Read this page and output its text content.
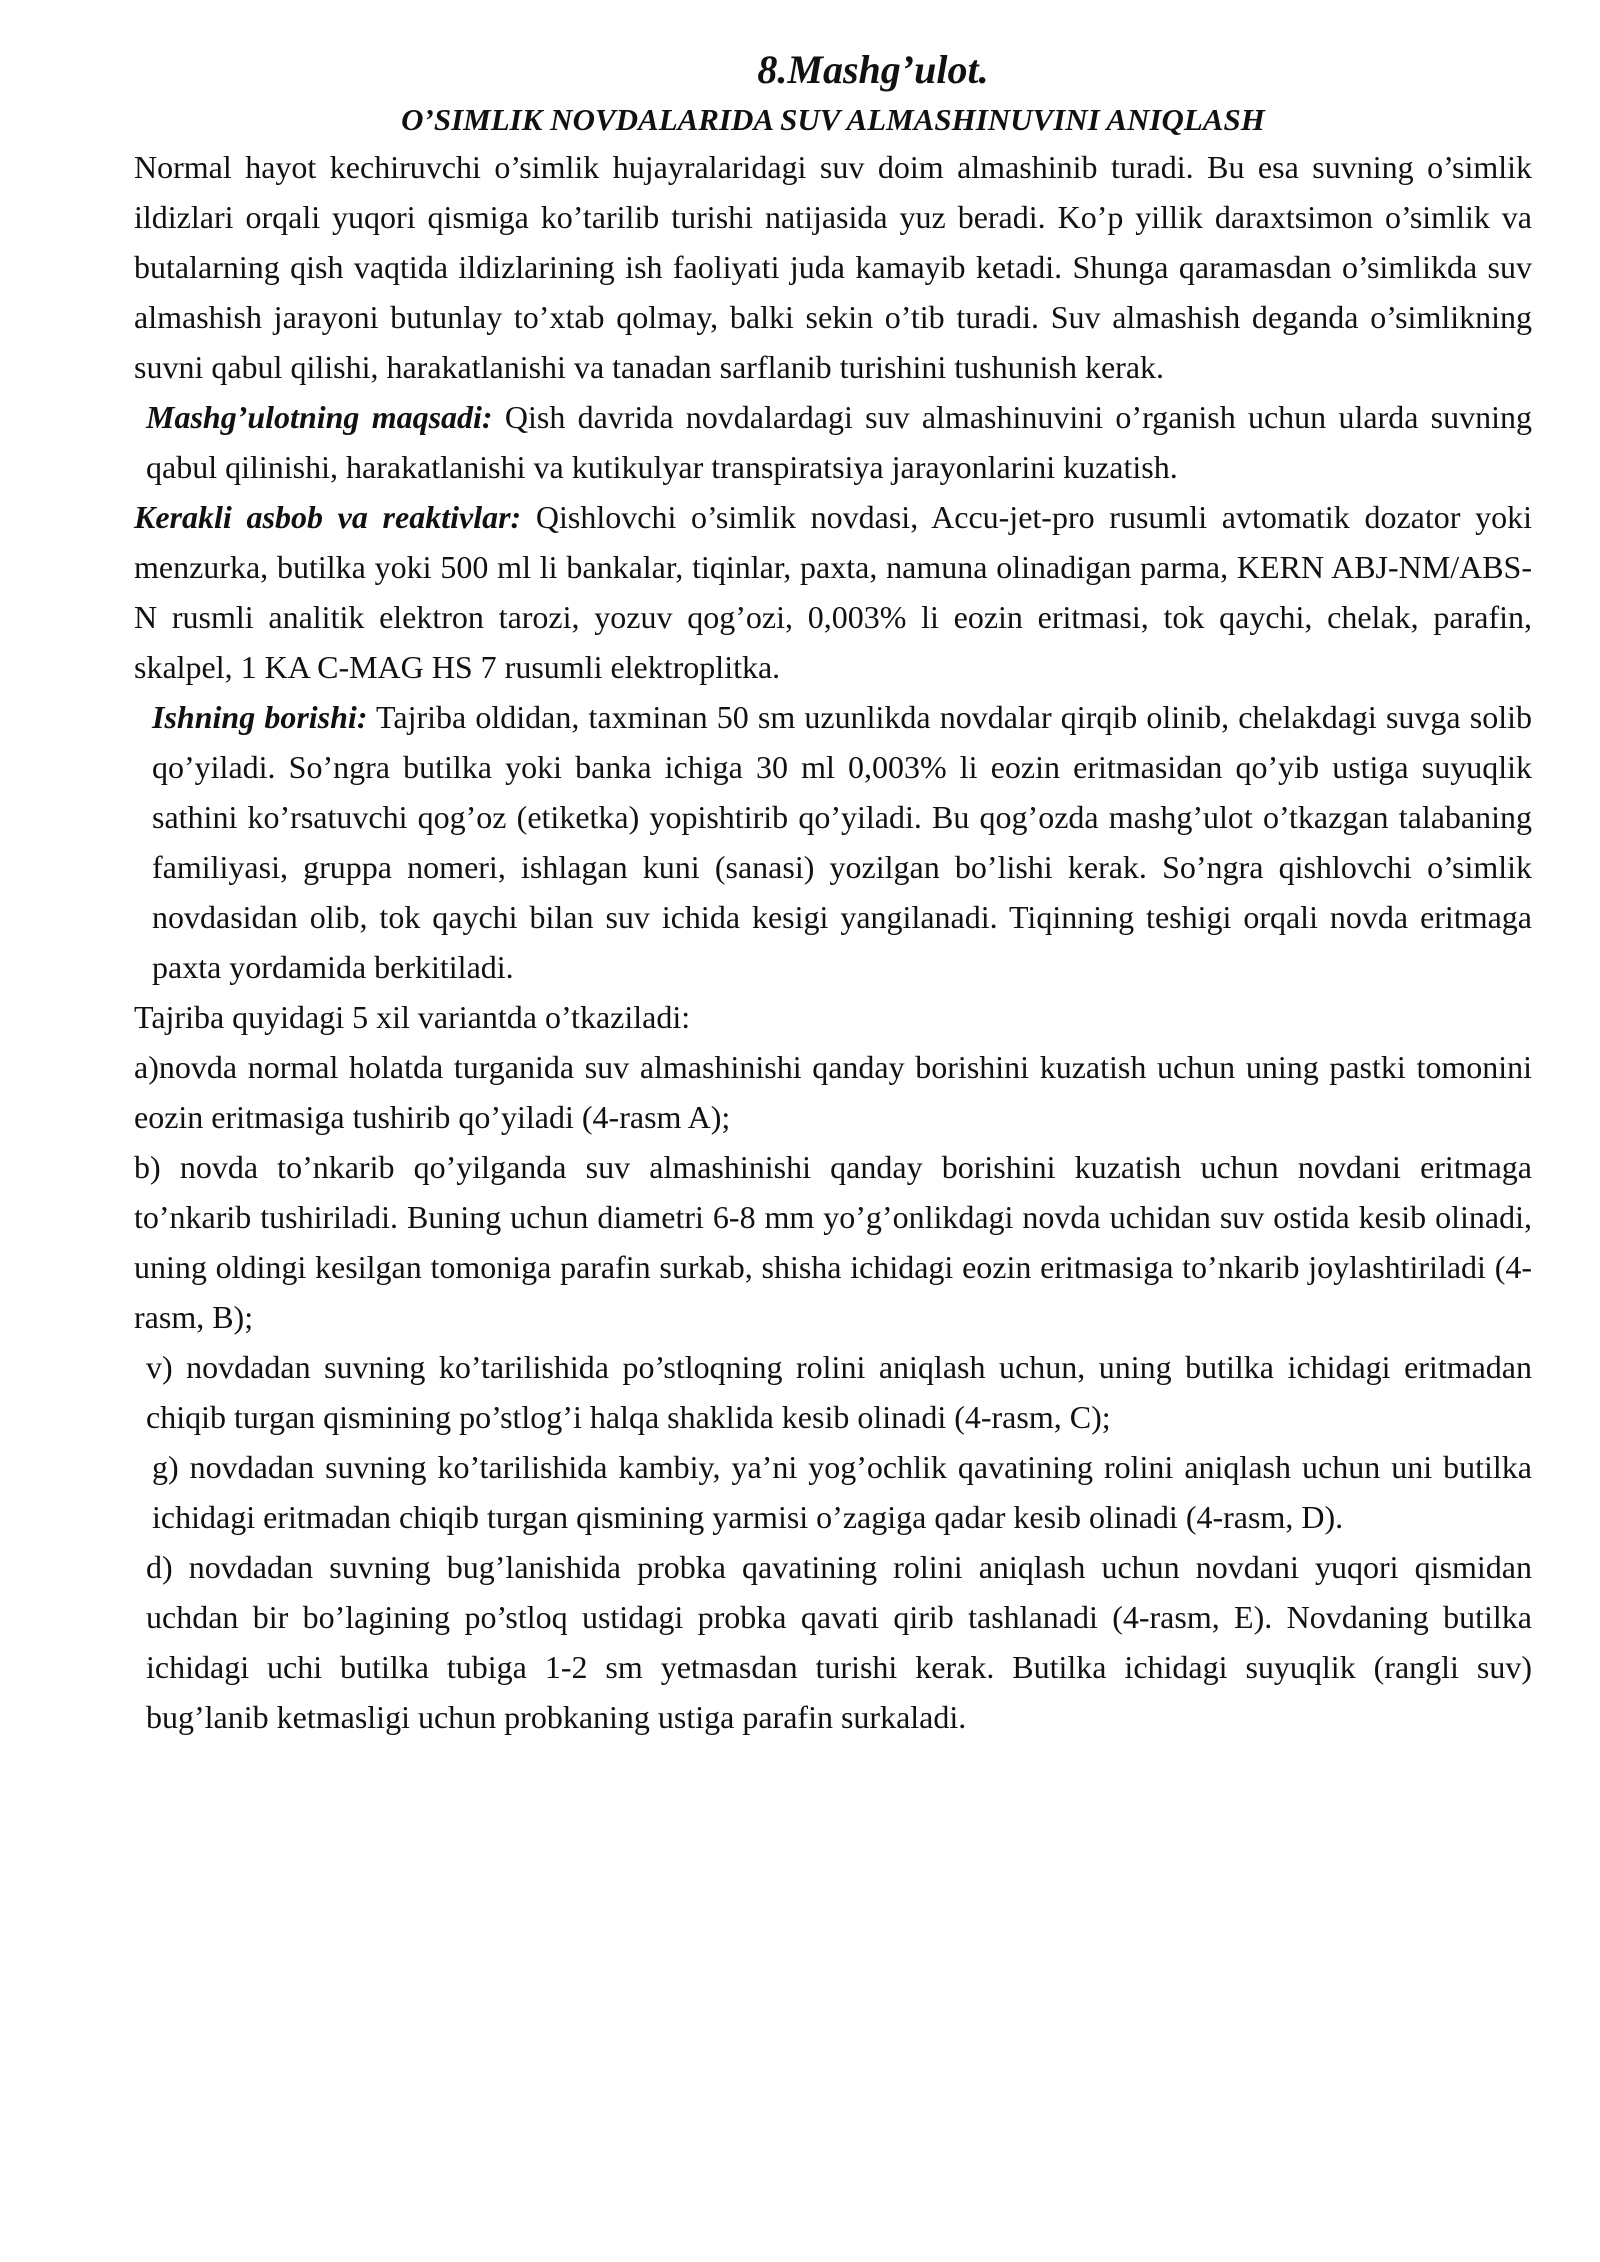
8.Mashg’ulot.
O’SIMLIK NOVDALARIDA SUV ALMASHINUVINI ANIQLASH

Normal hayot kechiruvchi o’simlik hujayralaridagi suv doim almashinib turadi. Bu esa suvning o’simlik ildizlari orqali yuqori qismiga ko’tarilib turishi natijasida yuz beradi. Ko’p yillik daraxtsimon o’simlik va butalarning qish vaqtida ildizlarining ish faoliyati juda kamayib ketadi. Shunga qaramasdan o’simlikda suv almashish jarayoni butunlay to’xtab qolmay, balki sekin o’tib turadi. Suv almashish deganda o’simlikning suvni qabul qilishi, harakatlanishi va tanadan sarflanib turishini tushunish kerak.

Mashg’ulotning maqsadi: Qish davrida novdalardagi suv almashinuvini o’rganish uchun ularda suvning qabul qilinishi, harakatlanishi va kutikulyar transpiratsiya jarayonlarini kuzatish.

Kerakli asbob va reaktivlar: Qishlovchi o’simlik novdasi, Accu-jet-pro rusumli avtomatik dozator yoki menzurka, butilka yoki 500 ml li bankalar, tiqinlar, paxta, namuna olinadigan parma, KERN ABJ-NM/ABS-N rusmli analitik elektron tarozi, yozuv qog’ozi, 0,003% li eozin eritmasi, tok qaychi, chelak, parafin, skalpel, 1 KA C-MAG HS 7 rusumli elektroplitka.

Ishning borishi: Tajriba oldidan, taxminan 50 sm uzunlikda novdalar qirqib olinib, chelakdagi suvga solib qo’yiladi. So’ngra butilka yoki banka ichiga 30 ml 0,003% li eozin eritmasidan qo’yib ustiga suyuqlik sathini ko’rsatuvchi qog’oz (etiketka) yopishtirib qo’yiladi. Bu qog’ozda mashg’ulot o’tkazgan talabaning familiyasi, gruppa nomeri, ishlagan kuni (sanasi) yozilgan bo’lishi kerak. So’ngra qishlovchi o’simlik novdasidan olib, tok qaychi bilan suv ichida kesigi yangilanadi. Tiqinning teshigi orqali novda eritmaga paxta yordamida berkitiladi.

Tajriba quyidagi 5 xil variantda o’tkaziladi:

a)novda normal holatda turganida suv almashinishi qanday borishini kuzatish uchun uning pastki tomonini eozin eritmasiga tushirib qo’yiladi (4-rasm A);

b) novda to’nkarib qo’yilganda suv almashinishi qanday borishini kuzatish uchun novdani eritmaga to’nkarib tushiriladi. Buning uchun diametri 6-8 mm yo’g’onlikdagi novda uchidan suv ostida kesib olinadi, uning oldingi kesilgan tomoniga parafin surkab, shisha ichidagi eozin eritmasiga to’nkarib joylashtiriladi (4-rasm, B);

v) novdadan suvning ko’tarilishida po’stloqning rolini aniqlash uchun, uning butilka ichidagi eritmadan chiqib turgan qismining po’stlog’i halqa shaklida kesib olinadi (4-rasm, C);

g) novdadan suvning ko’tarilishida kambiy, ya’ni yog’ochlik qavatining rolini aniqlash uchun uni butilka ichidagi eritmadan chiqib turgan qismining yarmisi o’zagiga qadar kesib olinadi (4-rasm, D).

d) novdadan suvning bug’lanishida probka qavatining rolini aniqlash uchun novdani yuqori qismidan uchdan bir bo’lagining po’stloq ustidagi probka qavati qirib tashlanadi (4-rasm, E). Novdaning butilka ichidagi uchi butilka tubiga 1-2 sm yetmasdan turishi kerak. Butilka ichidagi suyuqlik (rangli suv) bug’lanib ketmasligi uchun probkaning ustiga parafin surkaladi.
